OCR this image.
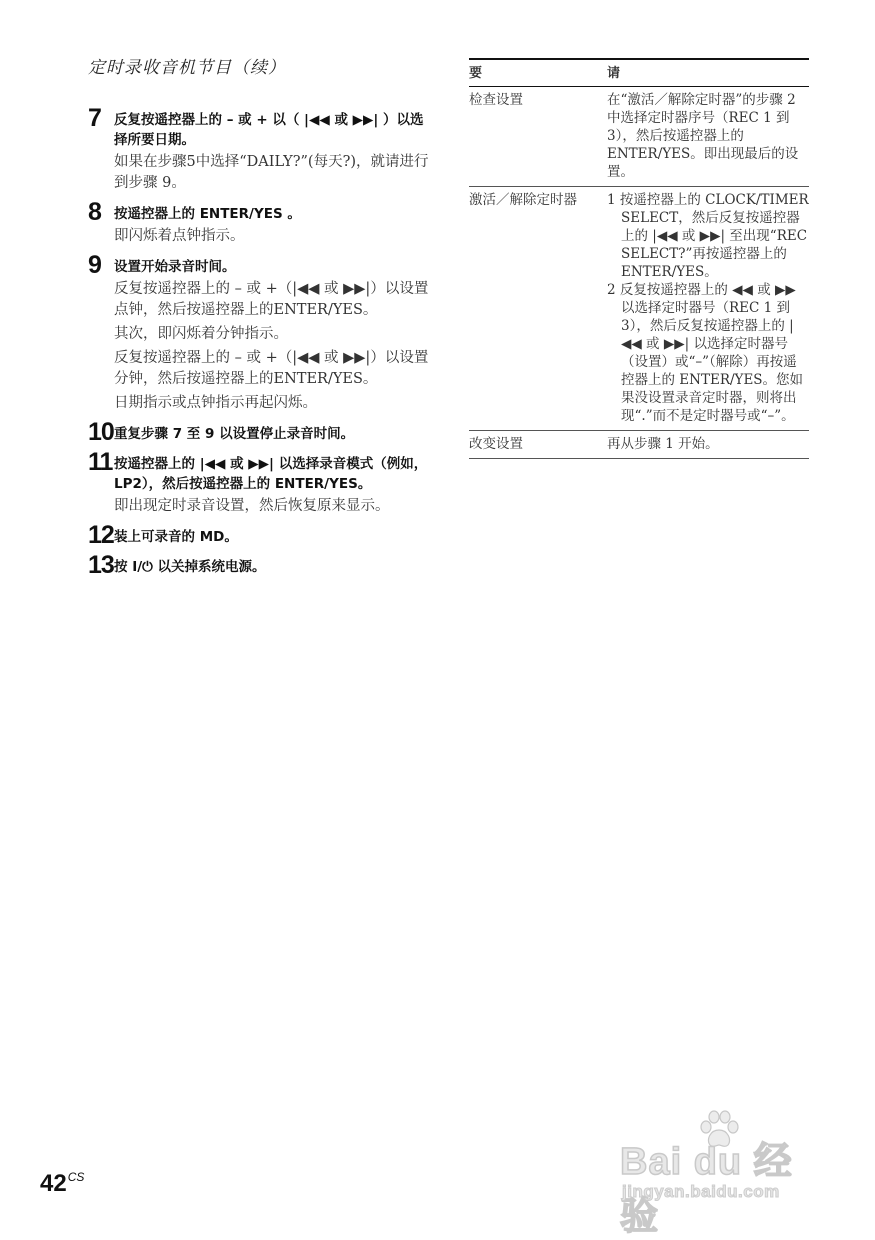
定时录收音机节目（续）
7 反复按遥控器上的 – 或 + 以（ |◀◀ 或 ▶▶| ）以选择所要日期。

如果在步骤5中选择“DAILY?”(每天?)，就请进行到步骤 9。

8 按遥控器上的 ENTER/YES 。

即闪烁着点钟指示。

9 设置开始录音时间。

反复按遥控器上的 – 或 +（|◀◀ 或 ▶▶|）以设置点钟，然后按遥控器上的ENTER/YES。

其次，即闪烁着分钟指示。

反复按遥控器上的 – 或 +（|◀◀ 或 ▶▶|）以设置分钟，然后按遥控器上的ENTER/YES。

日期指示或点钟指示再起闪烁。

10 重复步骤 7 至 9 以设置停止录音时间。
11 按遥控器上的 |◀◀ 或 ▶▶| 以选择录音模式（例如，LP2），然后按遥控器上的 ENTER/YES。

即出现定时录音设置，然后恢复原来显示。

12 装上可录音的 MD。
13 按 I/⏻ 以关掉系统电源。
要	请
检查设置	在“激活／解除定时器”的步骤 2 中选择定时器序号（REC 1 到 3），然后按遥控器上的 ENTER/YES。即出现最后的设置。

激活／解除定时器	1 按遥控器上的 CLOCK/TIMER SELECT，然后反复按遥控器上的 |◀◀ 或 ▶▶| 至出现“REC SELECT?”再按遥控器上的 ENTER/YES。
2 反复按遥控器上的 ◀◀ 或 ▶▶ 以选择定时器号（REC 1 到 3），然后反复按遥控器上的 |◀◀ 或 ▶▶| 以选择定时器号（设置）或“–”（解除）再按遥控器上的 ENTER/YES。您如果没设置录音定时器，则将出现“.”而不是定时器号或“–”。

改变设置	再从步骤 1 开始。
$42^{CS}$	Bai du 经验
jingyan.baidu.com
